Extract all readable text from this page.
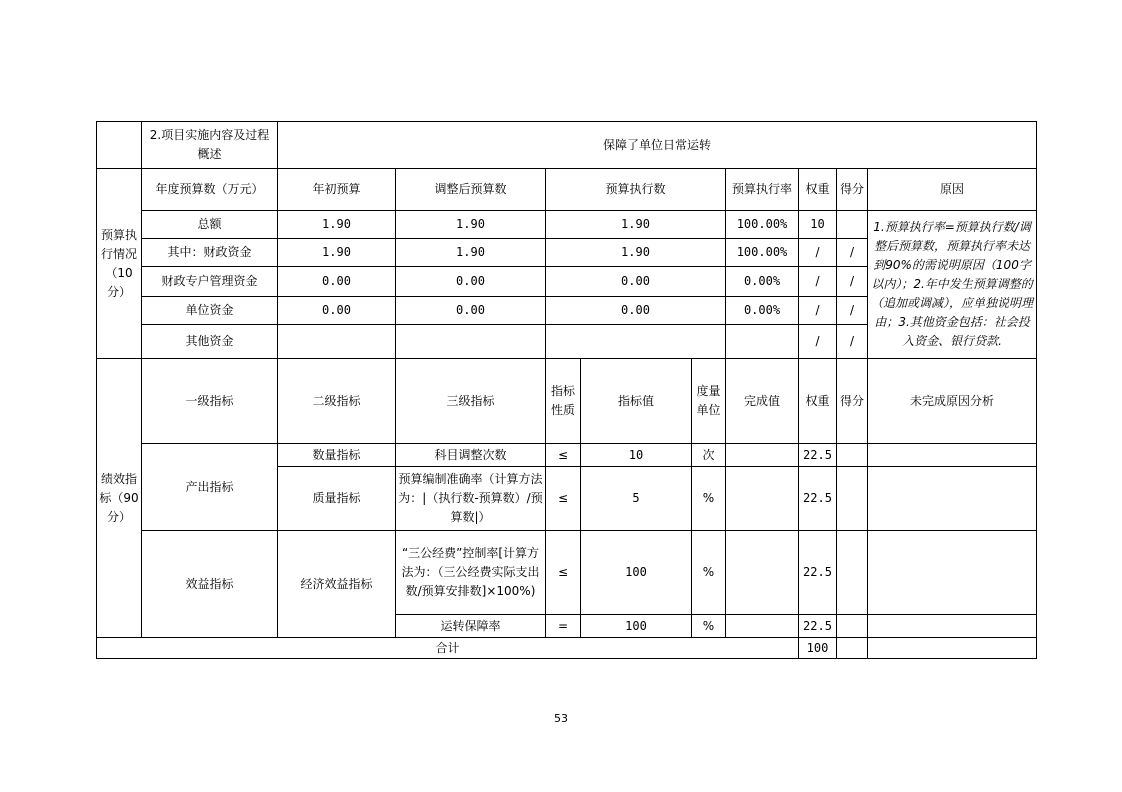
	2.项目实施内容及过程概述	保障了单位日常运转								
预算执行情况（10分）	年度预算数（万元）	年初预算	调整后预算数	预算执行数			预算执行率	权重	得分	原因
	总额	1.90	1.90	1.90			100.00%	10		1.预算执行率=预算执行数/调整后预算数，预算执行率未达到90%的需说明原因（100字以内）；2.年中发生预算调整的（追加或调减），应单独说明理由；3.其他资金包括：社会投入资金、银行贷款.
	其中：财政资金	1.90	1.90	1.90			100.00%	/	/	
	财政专户管理资金	0.00	0.00	0.00			0.00%	/	/	
	单位资金	0.00	0.00	0.00			0.00%	/	/	
	其他资金							/	/	
绩效指标（90分）	一级指标	二级指标	三级指标	指标性质	指标值	度量单位	完成值	权重	得分	未完成原因分析
	产出指标	数量指标	科目调整次数	≤	10	次		22.5		
		质量指标	预算编制准确率（计算方法为：|（执行数-预算数）/预算数|）	≤	5	%		22.5		
	效益指标	经济效益指标	“三公经费”控制率[计算方法为：（三公经费实际支出数/预算安排数]×100%)	≤	100	%		22.5		
			运转保障率	=	100	%		22.5		
合计								100		
53
